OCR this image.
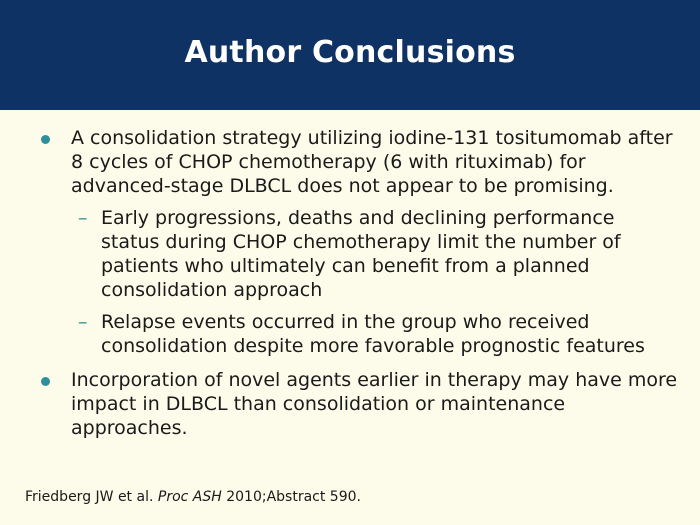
Author Conclusions
A consolidation strategy utilizing iodine-131 tositumomab after 8 cycles of CHOP chemotherapy (6 with rituximab) for advanced-stage DLBCL does not appear to be promising.
– Early progressions, deaths and declining performance status during CHOP chemotherapy limit the number of patients who ultimately can benefit from a planned consolidation approach
– Relapse events occurred in the group who received consolidation despite more favorable prognostic features
Incorporation of novel agents earlier in therapy may have more impact in DLBCL than consolidation or maintenance approaches.
Friedberg JW et al. Proc ASH 2010;Abstract 590.
